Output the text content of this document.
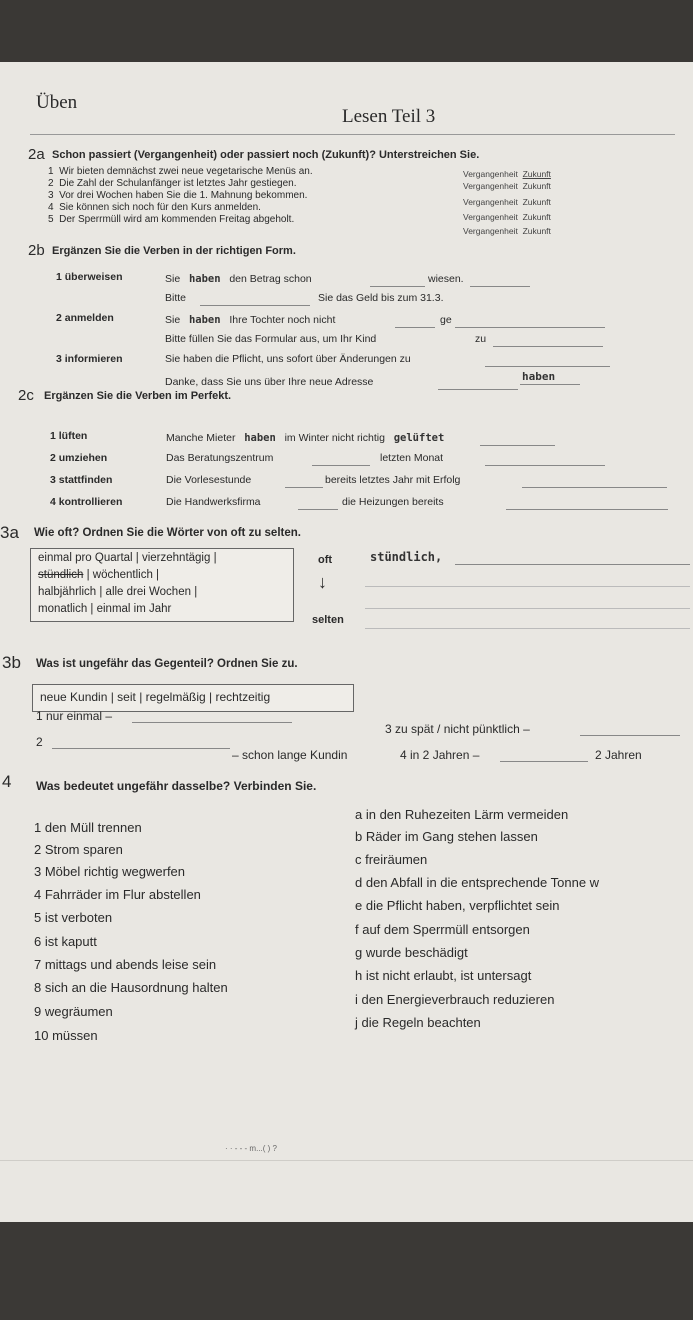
Üben
Lesen Teil 3
2a Schon passiert (Vergangenheit) oder passiert noch (Zukunft)? Unterstreichen Sie.
1 Wir bieten demnächst zwei neue vegetarische Menüs an.
2 Die Zahl der Schulanfänger ist letztes Jahr gestiegen.
3 Vor drei Wochen haben Sie die 1. Mahnung bekommen.
4 Sie können sich noch für den Kurs anmelden.
5 Der Sperrmüll wird am kommenden Freitag abgeholt.
Vergangenheit Zukunft
Vergangenheit Zukunft
Vergangenheit Zukunft
Vergangenheit Zukunft
Vergangenheit Zukunft
2b Ergänzen Sie die Verben in der richtigen Form.
1 überweisen	Sie haben den Betrag schon	wiesen.
Bitte	Sie das Geld bis zum 31.3.
2 anmelden	Sie haben Ihre Tochter noch nicht	ge
Bitte füllen Sie das Formular aus, um Ihr Kind	zu
3 informieren	Sie haben die Pflicht, uns sofort über Änderungen zu
Danke, dass Sie uns über Ihre neue Adresse	haben
2c Ergänzen Sie die Verben im Perfekt.
1 lüften	Manche Mieter haben im Winter nicht richtig gelüftet
2 umziehen	Das Beratungszentrum	letzten Monat
3 stattfinden	Die Vorlesestunde	bereits letztes Jahr mit Erfolg
4 kontrollieren	Die Handwerksfirma	die Heizungen bereits
3a Wie oft? Ordnen Sie die Wörter von oft zu selten.
einmal pro Quartal | vierzehntägig |
stündlich | wöchentlich |
halbjährlich | alle drei Wochen |
monatlich | einmal im Jahr
oft
↓
selten
stündlich,
3b Was ist ungefähr das Gegenteil? Ordnen Sie zu.
neue Kundin | seit | regelmäßig | rechtzeitig
1 nur einmal –
3 zu spät / nicht pünktlich –
2
– schon lange Kundin	4 in 2 Jahren –	2 Jahren
4 Was bedeutet ungefähr dasselbe? Verbinden Sie.
1 den Müll trennen
2 Strom sparen
3 Möbel richtig wegwerfen
4 Fahrräder im Flur abstellen
5 ist verboten
6 ist kaputt
7 mittags und abends leise sein
8 sich an die Hausordnung halten
9 wegräumen
10 müssen
a in den Ruhezeiten Lärm vermeiden
b Räder im Gang stehen lassen
c freiräumen
d den Abfall in die entsprechende Tonne w
e die Pflicht haben, verpflichtet sein
f auf dem Sperrmüll entsorgen
g wurde beschädigt
h ist nicht erlaubt, ist untersagt
i den Energieverbrauch reduzieren
j die Regeln beachten
· · - - - m...( ) ?
